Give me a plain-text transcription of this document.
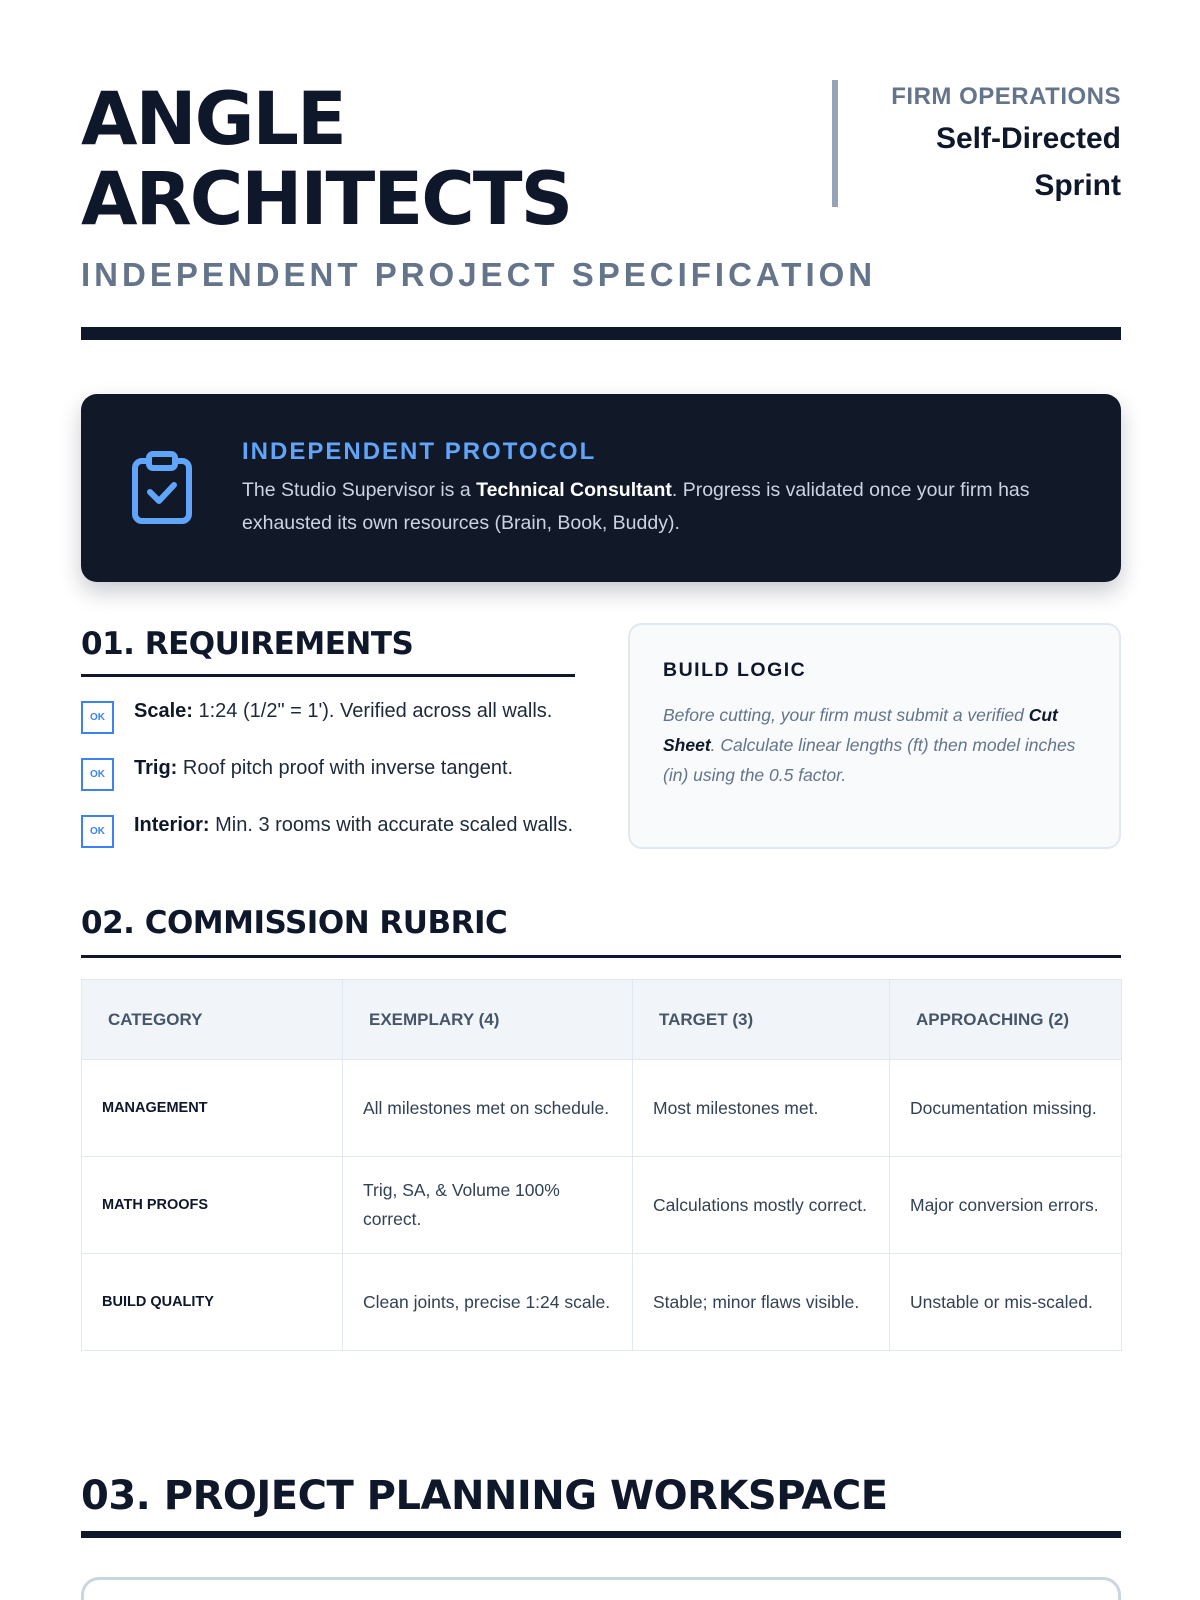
ANGLE
ARCHITECTS
INDEPENDENT PROJECT SPECIFICATION
FIRM OPERATIONS
Self-Directed
Sprint
INDEPENDENT PROTOCOL
The Studio Supervisor is a Technical Consultant. Progress is validated once your firm has exhausted its own resources (Brain, Book, Buddy).
01. REQUIREMENTS
OK	Scale: 1:24 (1/2" = 1'). Verified across all walls.
OK	Trig: Roof pitch proof with inverse tangent.
OK	Interior: Min. 3 rooms with accurate scaled walls.
BUILD LOGIC
Before cutting, your firm must submit a verified Cut Sheet. Calculate linear lengths (ft) then model inches (in) using the 0.5 factor.
02. COMMISSION RUBRIC
CATEGORY	EXEMPLARY (4)	TARGET (3)	APPROACHING (2)
MANAGEMENT	All milestones met on schedule.	Most milestones met.	Documentation missing.
MATH PROOFS	Trig, SA, & Volume 100% correct.	Calculations mostly correct.	Major conversion errors.
BUILD QUALITY	Clean joints, precise 1:24 scale.	Stable; minor flaws visible.	Unstable or mis-scaled.
03. PROJECT PLANNING WORKSPACE
